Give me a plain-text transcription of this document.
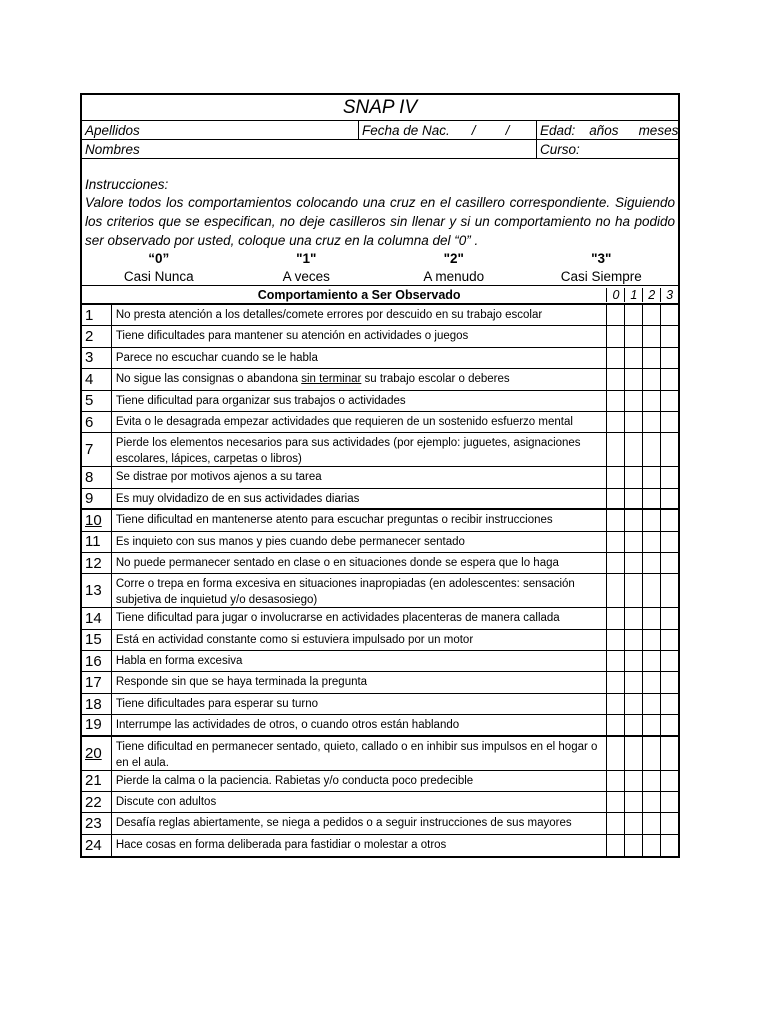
SNAP IV
Apellidos	Fecha de Nac. / / Edad: años meses
Nombres	Curso:
Instrucciones:
Valore todos los comportamientos colocando una cruz en el casillero correspondiente. Siguiendo los criterios que se especifican, no deje casilleros sin llenar y si un comportamiento no ha podido ser observado por usted, coloque una cruz en la columna del “0” .
“0”
Casi Nunca
"1"
A veces
"2"
A menudo
"3"
Casi Siempre
Comportamiento a Ser Observado	0 1 2 3
1	No presta atención a los detalles/comete errores por descuido en su trabajo escolar
2	Tiene dificultades para mantener su atención en actividades o juegos
3	Parece no escuchar cuando se le habla
4	No sigue las consignas o abandona sin terminar su trabajo escolar o deberes
5	Tiene dificultad para organizar sus trabajos o actividades
6	Evita o le desagrada empezar actividades que requieren de un sostenido esfuerzo mental
7	Pierde los elementos necesarios para sus actividades (por ejemplo: juguetes, asignaciones escolares, lápices, carpetas o libros)
8	Se distrae por motivos ajenos a su tarea
9	Es muy olvidadizo de en sus actividades diarias
10	Tiene dificultad en mantenerse atento para escuchar preguntas o recibir instrucciones
11	Es inquieto con sus manos y pies cuando debe permanecer sentado
12	No puede permanecer sentado en clase o en situaciones donde se espera que lo haga
13	Corre o trepa en forma excesiva en situaciones inapropiadas (en adolescentes: sensación subjetiva de inquietud y/o desasosiego)
14	Tiene dificultad para jugar o involucrarse en actividades placenteras de manera callada
15	Está en actividad constante como si estuviera impulsado por un motor
16	Habla en forma excesiva
17	Responde sin que se haya terminada la pregunta
18	Tiene dificultades para esperar su turno
19	Interrumpe las actividades de otros, o cuando otros están hablando
20	Tiene dificultad en permanecer sentado, quieto, callado o en inhibir sus impulsos en el hogar o en el aula.
21	Pierde la calma o la paciencia. Rabietas y/o conducta poco predecible
22	Discute con adultos
23	Desafía reglas abiertamente, se niega a pedidos o a seguir instrucciones de sus mayores
24	Hace cosas en forma deliberada para fastidiar o molestar a otros
